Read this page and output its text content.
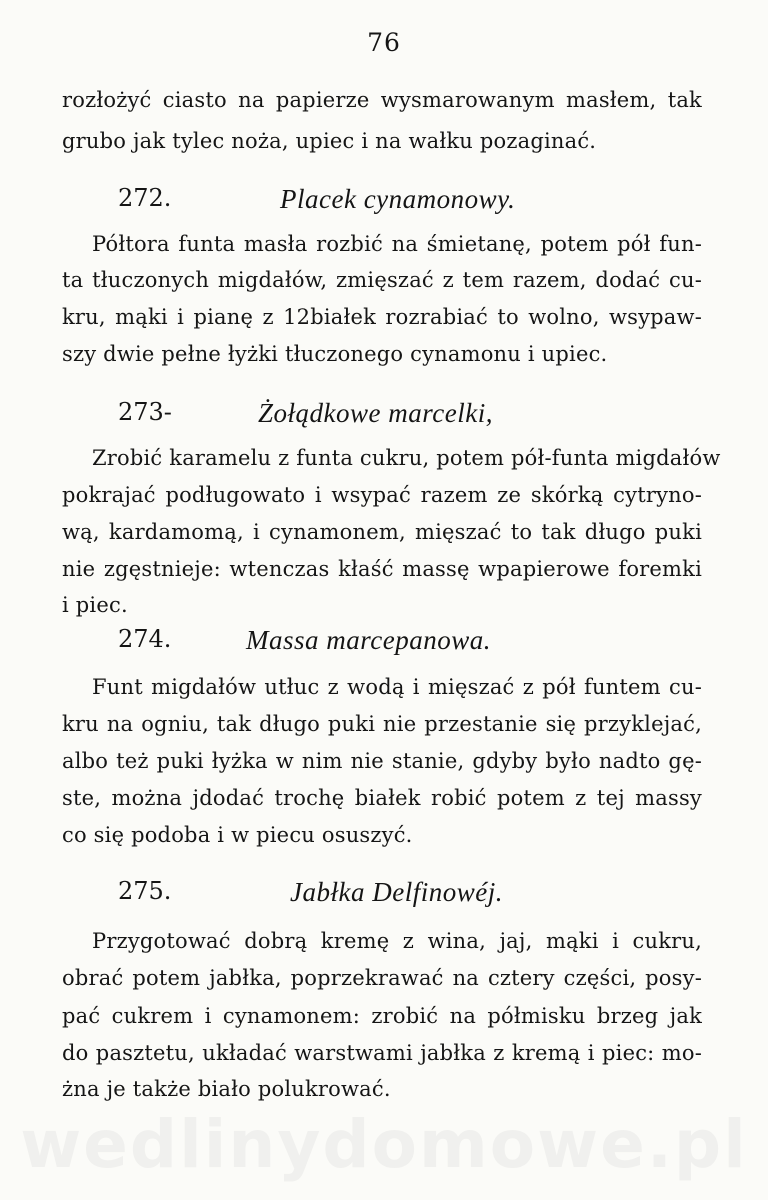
76
rozłożyć ciasto na papierze wysmarowanym masłem, tak
grubo jak tylec noża, upiec i na wałku pozaginać.
272.	Placek cynamonowy.
Półtora funta masła rozbić na śmietanę, potem pół fun-
ta tłuczonych migdałów, zmięszać z tem razem, dodać cu-
kru, mąki i pianę z 12białek rozrabiać to wolno, wsypaw-
szy dwie pełne łyżki tłuczonego cynamonu i upiec.
273-	Żołądkowe marcelki,
Zrobić karamelu z funta cukru, potem pół-funta migdałów
pokrajać podługowato i wsypać razem ze skórką cytryno-
wą, kardamomą, i cynamonem, mięszać to tak długo puki
nie zgęstnieje: wtenczas kłaść massę wpapierowe foremki
i piec.
274.	Massa marcepanowa.
Funt migdałów utłuc z wodą i mięszać z pół funtem cu-
kru na ogniu, tak długo puki nie przestanie się przyklejać,
albo też puki łyżka w nim nie stanie, gdyby było nadto gę-
ste, można jdodać trochę białek robić potem z tej massy
co się podoba i w piecu osuszyć.
275.	Jabłka Delfinowéj.
Przygotować dobrą kremę z wina, jaj, mąki i cukru,
obrać potem jabłka, poprzekrawać na cztery części, posy-
pać cukrem i cynamonem: zrobić na półmisku brzeg jak
do pasztetu, układać warstwami jabłka z kremą i piec: mo-
żna je także biało polukrować.
wedlinydomowe.pl
